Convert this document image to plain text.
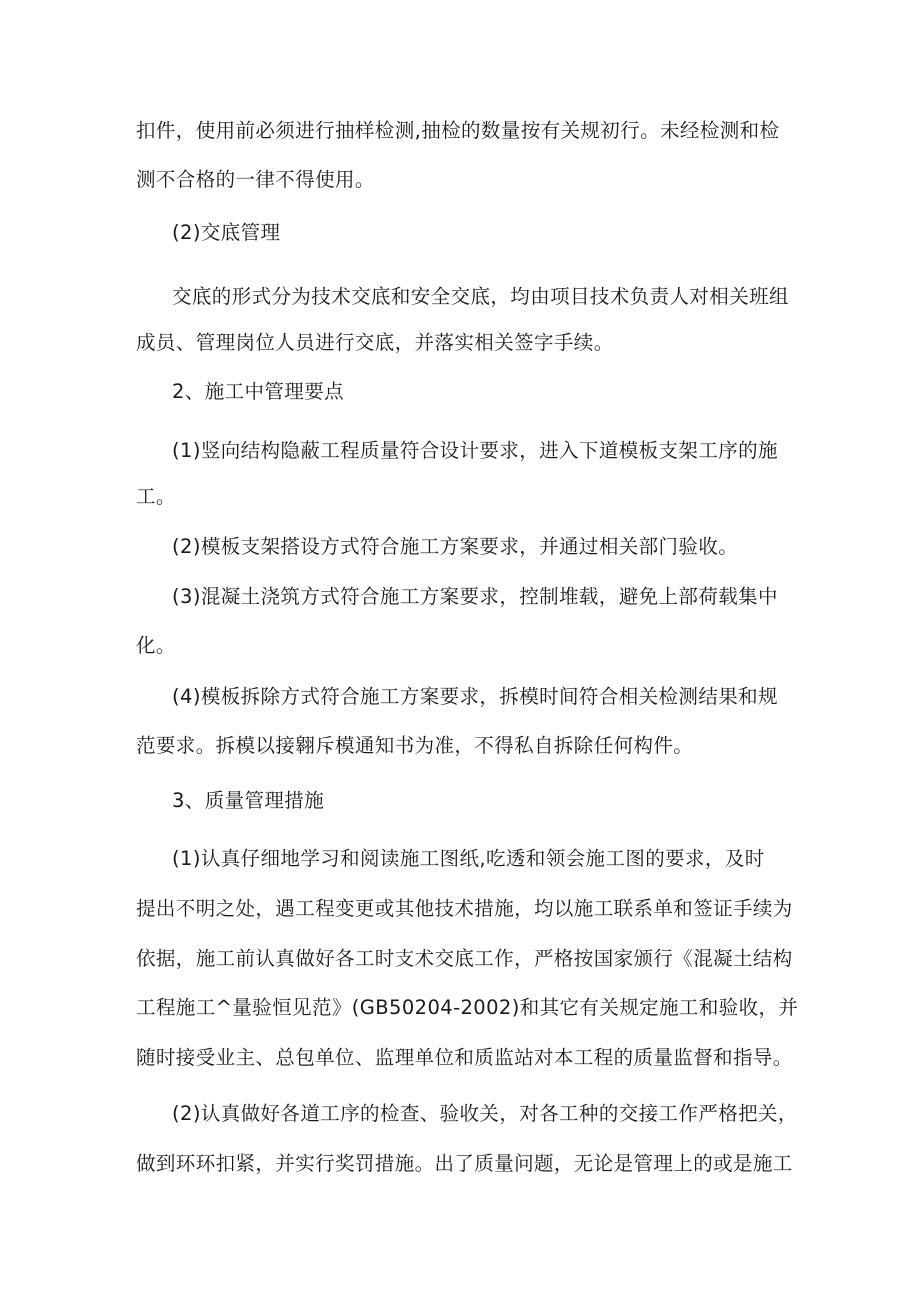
扣件，使用前必须进行抽样检测,抽检的数量按有关规初行。未经检测和检
测不合格的一律不得使用。
(2)交底管理
交底的形式分为技术交底和安全交底，均由项目技术负责人对相关班组
成员、管理岗位人员进行交底，并落实相关签字手续。
2、施工中管理要点
(1)竖向结构隐蔽工程质量符合设计要求，进入下道模板支架工序的施
工。
(2)模板支架搭设方式符合施工方案要求，并通过相关部门验收。
(3)混凝土浇筑方式符合施工方案要求，控制堆载，避免上部荷载集中
化。
(4)模板拆除方式符合施工方案要求，拆模时间符合相关检测结果和规
范要求。拆模以接翱斥模通知书为准，不得私自拆除任何构件。
3、质量管理措施
(1)认真仔细地学习和阅读施工图纸,吃透和领会施工图的要求，及时
提出不明之处，遇工程变更或其他技术措施，均以施工联系单和签证手续为
依据，施工前认真做好各工时支术交底工作，严格按国家颁行《混凝土结构
工程施工^量验恒见范》(GB50204-2002)和其它有关规定施工和验收，并
随时接受业主、总包单位、监理单位和质监站对本工程的质量监督和指导。
(2)认真做好各道工序的检查、验收关，对各工种的交接工作严格把关，
做到环环扣紧，并实行奖罚措施。出了质量问题，无论是管理上的或是施工
